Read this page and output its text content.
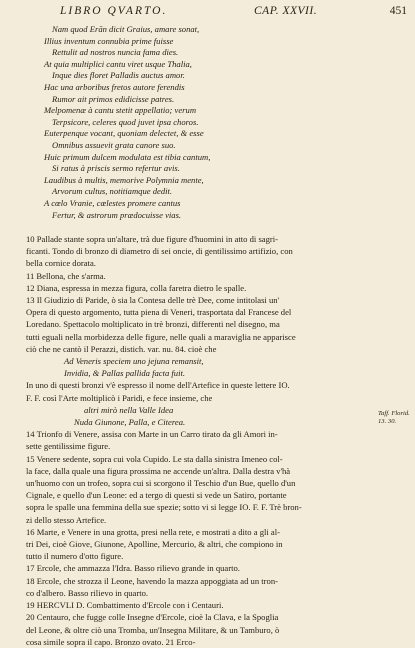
LIBRO QVARTO.	CAP. XXVII.	451
Nam quod Erān dicit Graius, amare sonat,
Illius inventum connubia prime fuisse
Rettulit ad nostros nuncia fama dies.
At quia multiplici cantu viret usque Thalia,
Inque dies floret Palladis auctus amor.
Hac una arboribus fretos autore ferendis
Rumor ait primos edidicisse patres.
Melpomenæ à cantu stetit appellatio; verum
Terpsicore, celeres quod juvet ipsa choros.
Euterpenque vocant, quoniam delectet, & esse
Omnibus assuevit grata canore suo.
Huic primum dulcem modulata est tibia cantum,
Si ratus à priscis sermo refertur avis.
Laudibus à multis, memorive Polymnia mente,
Arvorum cultus, notitiamque dedit.
A cœlo Vranie, cœlestes promere cantus
Fertur, & astrorum prædocuisse vias.
10 Pallade stante sopra un'altare, trà due figure d'huomini in atto di sagri-
ficanti. Tondo di bronzo di diametro di sei oncie, di gentilissimo artifizio, con
bella cornice dorata.
11 Bellona, che s'arma.
12 Diana, espressa in mezza figura, colla faretra dietro le spalle.
13 Il Giudizio di Paride, ò sia la Contesa delle trè Dee, come intitolasi un'
Opera di questo argomento, tutta piena di Veneri, trasportata dal Francese del
Loredano. Spettacolo moltiplicato in trè bronzi, differenti nel disegno, ma
tutti eguali nella morbidezza delle figure, nelle quali a maraviglia ne apparisce
ciò che ne cantò il Perazzi, distich. var. nu. 84. cioè che
Ad Veneris speciem uno jejuna remansit,
Invidia, & Pallas pallida facta fuit.
In uno di questi bronzi v'è espresso il nome dell'Artefice in queste lettere IO.
F. F. così l'Arte moltiplicò i Paridi, e fece insieme, che
altri mirò nella Valle Idea
Nuda Giunone, Palla, e Citerea.
14 Trionfo di Venere, assisa con Marte in un Carro tirato da gli Amori in-
sette gentilissime figure.
15 Venere sedente, sopra cui vola Cupido. Le sta dalla sinistra Imeneo col-
la face, dalla quale una figura prossima ne accende un'altra. Dalla destra v'hà
un'huomo con un trofeo, sopra cui si scorgono il Teschio d'un Bue, quello d'un
Cignale, e quello d'un Leone: ed a tergo di questi si vede un Satiro, portante
sopra le spalle una femmina della sue spezie; sotto vi si legge IO. F. F. Trè bron-
zi dello stesso Artefice.
16 Marte, e Venere in una grotta, presi nella rete, e mostrati a dito a gli al-
tri Dei, cioè Giove, Giunone, Apolline, Mercurio, & altri, che compiono in
tutto il numero d'otto figure.
17 Ercole, che ammazza l'Idra. Basso rilievo grande in quarto.
18 Ercole, che strozza il Leone, havendo la mazza appoggiata ad un tron-
co d'albero. Basso rilievo in quarto.
19 HERCVLI D. Combattimento d'Ercole con i Centauri.
20 Centauro, che fugge colle Insegne d'Ercole, cioè la Clava, e la Spoglia
del Leone, & oltre ciò una Tromba, un'Insegna Militare, & un Tamburo, ò
cosa simile sopra il capo. Bronzo ovato. 21 Erco-
Taff. Florid. 13. 30.
